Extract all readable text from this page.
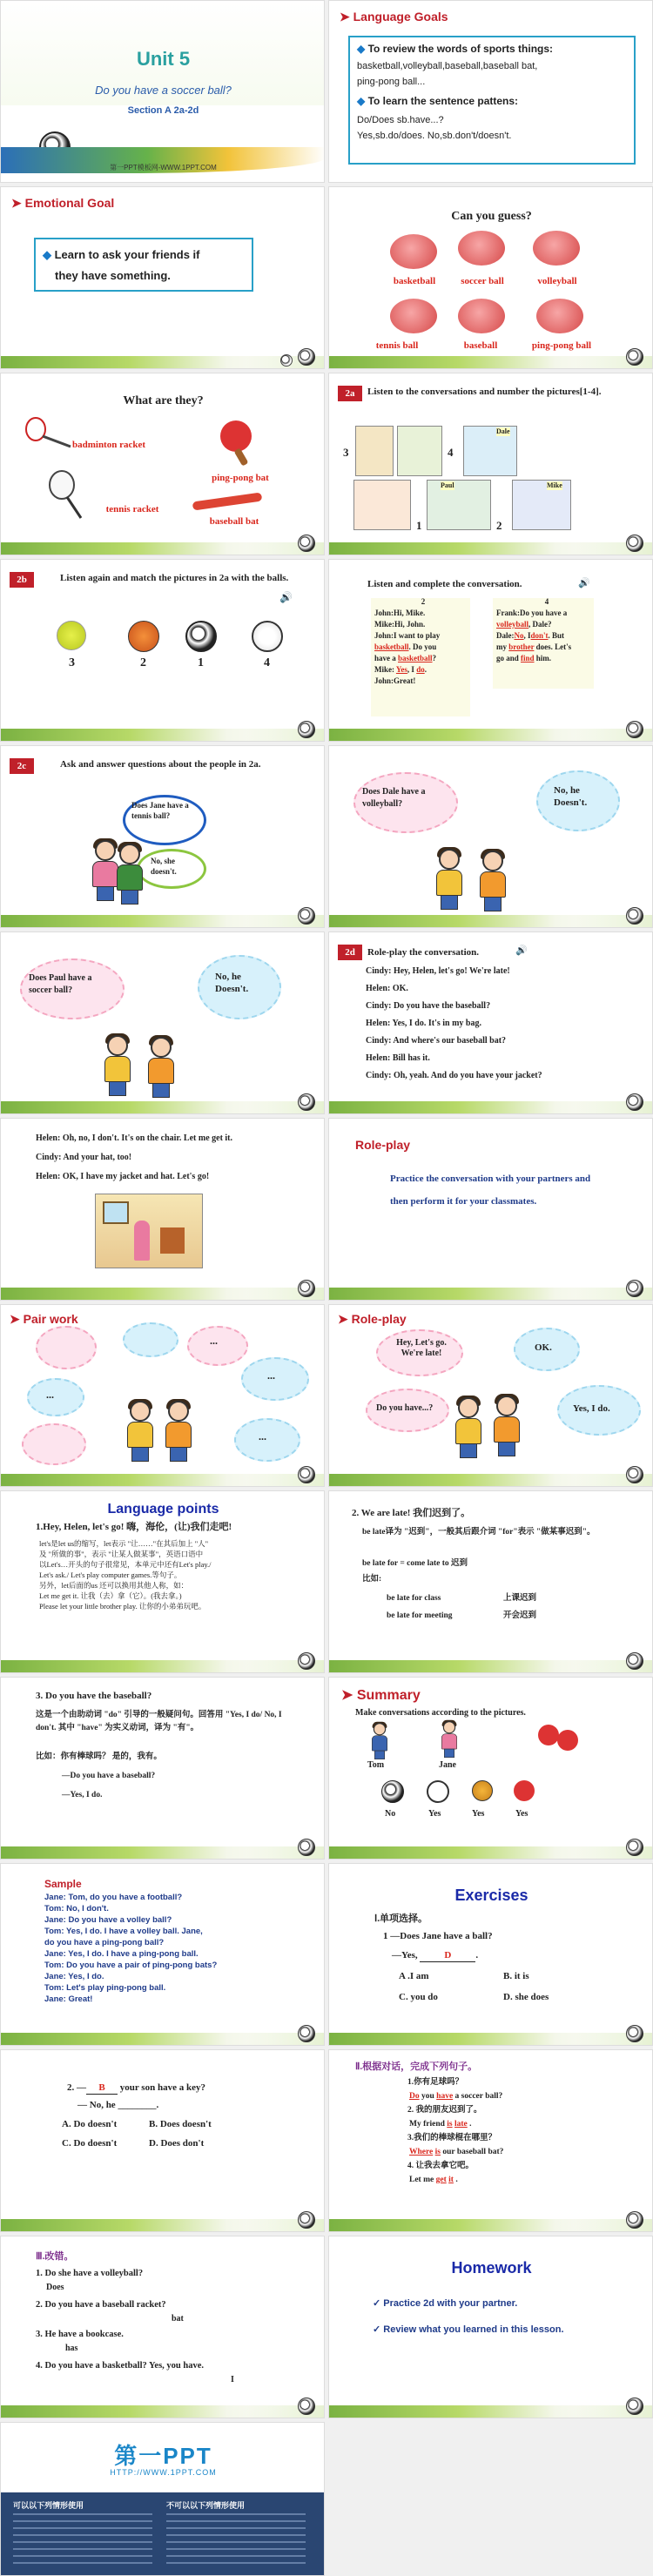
Unit 5
Do you have a soccer ball?
Section A 2a-2d
第一PPT模板网-WWW.1PPT.COM
➤ Language Goals
◆ To review the words of sports things:
basketball,volleyball,baseball,baseball bat,
ping-pong ball...
◆ To learn the sentence pattens:
Do/Does sb.have...?
Yes,sb.do/does. No,sb.don't/doesn't.
➤ Emotional Goal
◆ Learn to ask your friends if
they have something.
Can you guess?
basketball	soccer ball	volleyball
tennis ball	baseball	ping-pong ball
What are they?
badminton racket
ping-pong bat
tennis racket
baseball bat
2a	Listen to the conversations and number the pictures[1-4].
Dale
Paul	Mike
3	4
1	2
2b	Listen again and match the pictures in 2a with the balls.
🔊
3	2	1	4
Listen and complete the conversation.	🔊
2
John:Hi, Mike.
Mike:Hi, John.
John:I want to play
basketball. Do you
have a basketball?
Mike: Yes, I do.
John:Great!
4
Frank:Do you have a
volleyball, Dale?
Dale:No, Idon't. But
my brother does. Let's
go and find him.
2c	Ask and answer questions about the people in 2a.
Does Jane have a tennis ball?
No, she doesn't.
Does Dale have a volleyball?
No, he Doesn't.
Does Paul have a soccer ball?
No, he Doesn't.
2d	Role-play the conversation.	🔊
Cindy: Hey, Helen, let's go! We're late!
Helen: OK.
Cindy: Do you have the baseball?
Helen: Yes, I do. It's in my bag.
Cindy: And where's our baseball bat?
Helen: Bill has it.
Cindy: Oh, yeah. And do you have your jacket?
Helen: Oh, no, I don't. It's on the chair. Let me get it.
Cindy: And your hat, too!
Helen: OK, I have my jacket and hat. Let's go!
Role-play
Practice the conversation with your partners and then perform it for your classmates.
➤ Pair work
...
...
...
...
➤ Role-play
Hey, Let's go. We're late!
OK.
Do you have...?	Yes, I do.
Language points
1.Hey, Helen, let's go! 嗨，海伦，(让)我们走吧!
let's是let us的缩写，let表示 "让……"在其后加上 "人"
及 "所做的事"，表示 "让某人做某事"，英语口语中
以Let's…开头的句子很常见，本单元中还有Let's play./
Let's ask./ Let's play computer games.等句子。
另外，let后面的us 还可以换用其他人称，如：
Let me get it. 让我（去）拿（它）。(我去拿。)
Please let your little brother play. 让你的小弟弟玩吧。
2. We are late! 我们迟到了。
be late译为 "迟到"，一般其后跟介词 "for"表示 "做某事迟到"。
be late for = come late to 迟到
比如:
be late for class	上课迟到
be late for meeting	开会迟到
3. Do you have the baseball?
这是一个由助动词 "do" 引导的一般疑问句。回答用 "Yes, I do/ No, I don't. 其中 "have" 为实义动词，译为 "有"。
比如：你有棒球吗？ 是的，我有。
—Do you have a baseball?
—Yes, I do.
➤ Summary
Make conversations according to the pictures.
Tom	Jane
No	Yes	Yes	Yes
Sample
Jane: Tom, do you have a football?
Tom: No, I don't.
Jane: Do you have a volley ball?
Tom: Yes, I do. I have a volley ball. Jane,
do you have a ping-pong ball?
Jane: Yes, I do. I have a ping-pong ball.
Tom: Do you have a pair of ping-pong bats?
Jane: Yes, I do.
Tom: Let's play ping-pong ball.
Jane: Great!
Exercises
Ⅰ.单项选择。
1 —Does Jane have a ball?
—Yes,	D	.
A .I am	B. it is
C. you do	D. she does
2. — B your son have a key?
— No, he ________.
A. Do doesn't	B. Does doesn't
C. Do doesn't	D. Does don't
Ⅱ.根据对话，完成下列句子。
1.你有足球吗？
Do you have a soccer ball?
2. 我的朋友迟到了。
My friend is late .
3.我们的棒球棍在哪里？
Where is our baseball bat?
4. 让我去拿它吧。
Let me get it .
Ⅲ.改错。
1. Do she have a volleyball?
Does
2. Do you have a baseball racket?
bat
3. He have a bookcase.
has
4. Do you have a basketball? Yes, you have.
I
Homework
✓ Practice 2d with your partner.
✓ Review what you learned in this lesson.
第一PPT
HTTP://WWW.1PPT.COM
可以以下列情形使用	不可以以下列情形使用
